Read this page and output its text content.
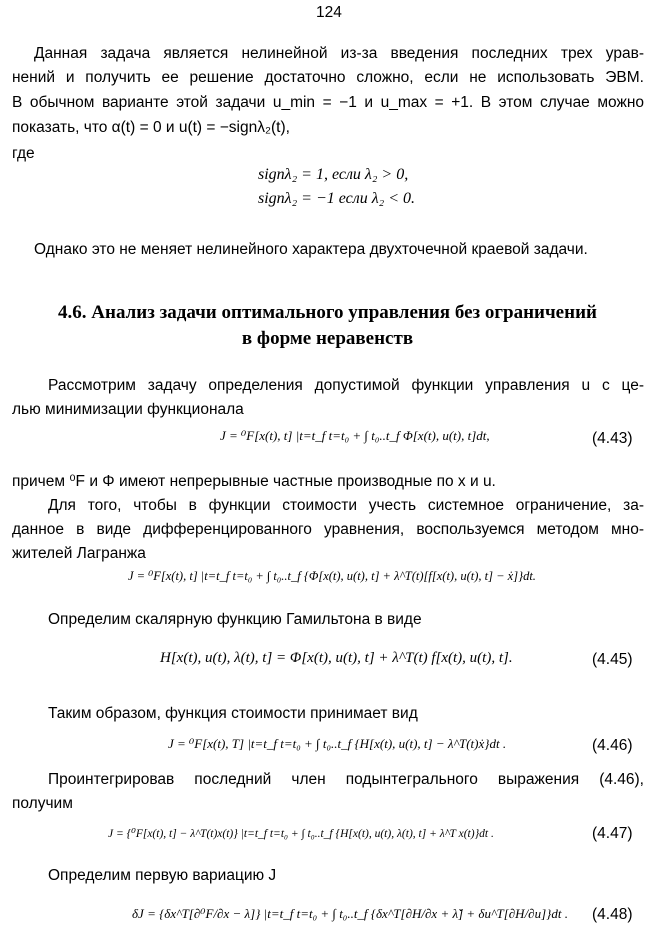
124
Данная задача является нелинейной из-за введения последних трех урав-
нений и получить ее решение достаточно сложно, если не использовать ЭВМ.
В обычном варианте этой задачи u_min = −1 и u_max = +1. В этом случае можно
показать, что α(t) = 0 и u(t) = −signλ₂(t),
где
signλ₂ = 1, если λ₂ > 0,
signλ₂ = −1 если λ₂ < 0.
Однако это не меняет нелинейного характера двухточечной краевой задачи.
4.6. Анализ задачи оптимального управления без ограничений
в форме неравенств
Рассмотрим задачу определения допустимой функции управления u с це-
лью минимизации функционала
J = ⁰F[x(t), t] |t=t_f t=t₀ + ∫ t₀..t_f Φ[x(t), u(t), t]dt,	(4.43)
причем ⁰F и Φ имеют непрерывные частные производные по x и u.
Для того, чтобы в функции стоимости учесть системное ограничение, за-
данное в виде дифференцированного уравнения, воспользуемся методом мно-
жителей Лагранжа
J = ⁰F[x(t), t] |t=t_f t=t₀ + ∫ t₀..t_f {Φ[x(t), u(t), t] + λ^T(t)[f[x(t), u(t), t] − ẋ]}dt.
Определим скалярную функцию Гамильтона в виде
H[x(t), u(t), λ(t), t] = Φ[x(t), u(t), t] + λ^T(t) f[x(t), u(t), t].	(4.45)
Таким образом, функция стоимости принимает вид
J = ⁰F[x(t), T] |t=t_f t=t₀ + ∫ t₀..t_f {H[x(t), u(t), t] − λ^T(t)ẋ}dt .	(4.46)
Проинтегрировав последний член подынтегрального выражения (4.46),
получим
J = {⁰F[x(t), t] − λ^T(t)x(t)} |t=t_f t=t₀ + ∫ t₀..t_f {H[x(t), u(t), λ(t), t] + λ̇^T x(t)}dt .	(4.47)
Определим первую вариацию J
δJ = {δx^T[∂⁰F/∂x − λ]} |t=t_f t=t₀ + ∫ t₀..t_f {δx^T[∂H/∂x + λ̌] + δu^T[∂H/∂u]}dt . (4.48)
